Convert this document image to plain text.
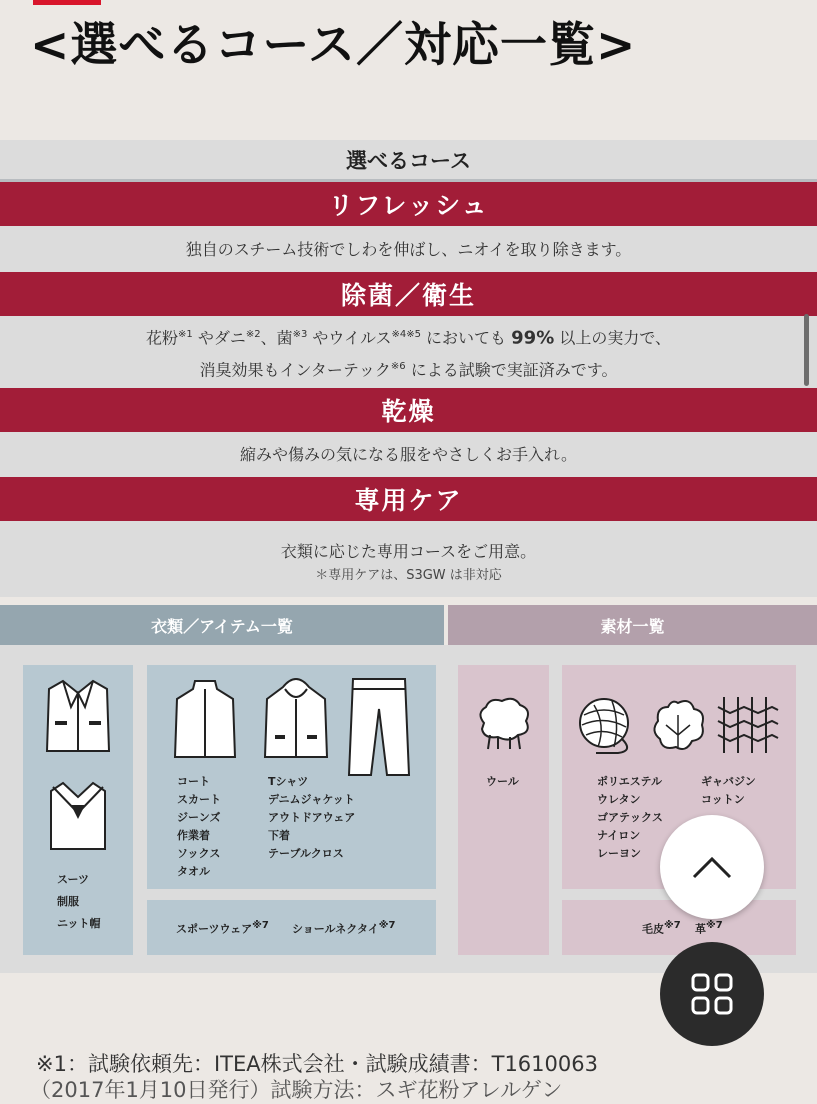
<選べるコース／対応一覧>
選べるコース
リフレッシュ
独自のスチーム技術でしわを伸ばし、ニオイを取り除きます。
除菌／衛生
花粉$^{※1}$ やダニ$^{※2}$、菌$^{※3}$ やウイルス$^{※4※5}$ においても 99% 以上の実力で、
消臭効果もインターテック$^{※6}$ による試験で実証済みです。
乾燥
縮みや傷みの気になる服をやさしくお手入れ。
専用ケア
衣類に応じた専用コースをご用意。
＊専用ケアは、S3GW は非対応
衣類／アイテム一覧	素材一覧
スーツ
制服
ニット帽
コート
スカート
ジーンズ
作業着
ソックス
タオル
Tシャツ
デニムジャケット
アウトドアウェア
下着
テーブルクロス
スポーツウェア※7 ショールネクタイ※7
ウール	ポリエステル
ウレタン
ゴアテックス
ナイロン
レーヨン
ギャバジン
コットン
毛皮※7 革※7
※1：試験依頼先：ITEA株式会社・試験成績書：T1610063
（2017年1月10日発行）試験方法：スギ花粉アレルゲン
